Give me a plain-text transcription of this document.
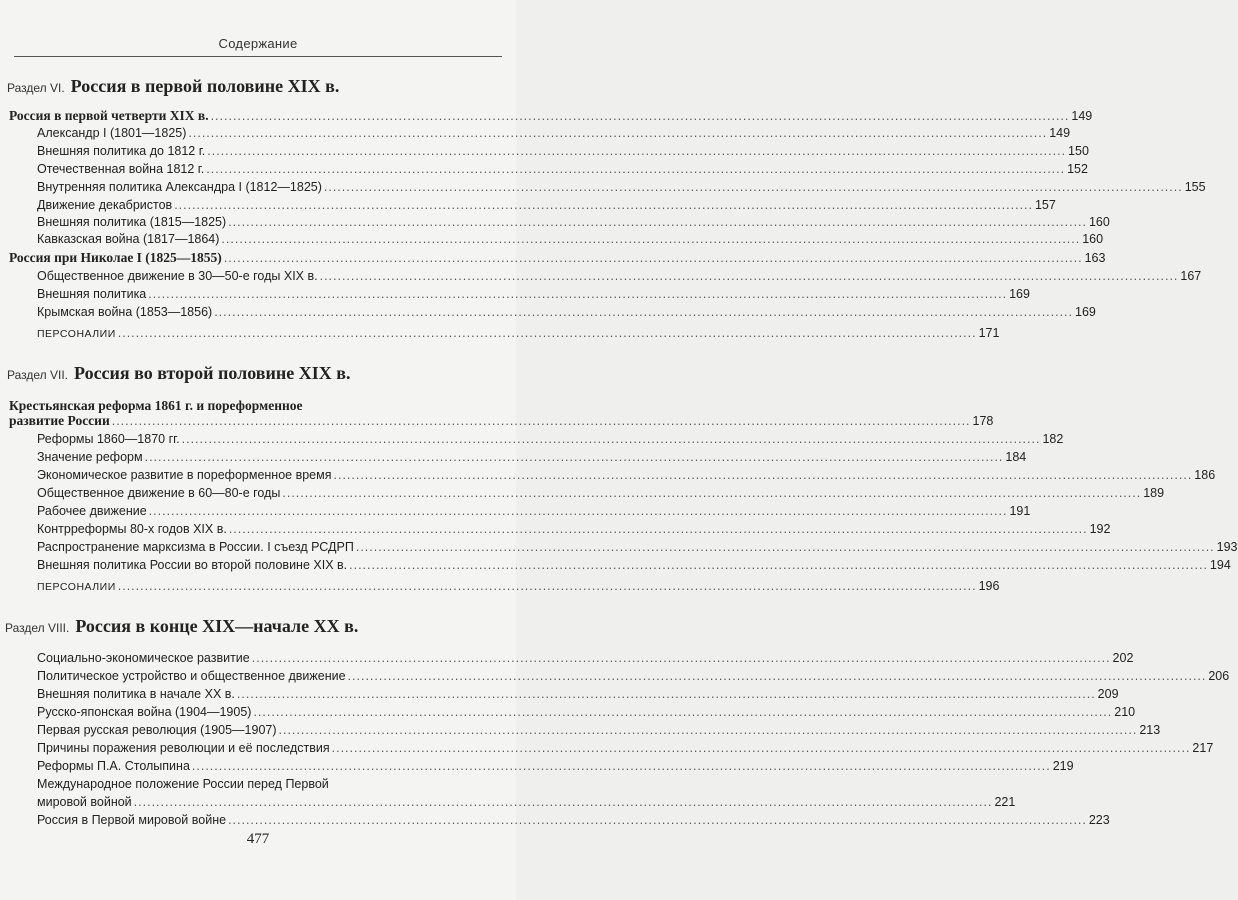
Содержание
Раздел VI. Россия в первой половине XIX в.
Россия в первой четверти XIX в. ................................................................................................................................................................................................ 149
Александр I (1801—1825) ................................................................................................................................................................................................ 149
Внешняя политика до 1812 г. ................................................................................................................................................................................................ 150
Отечественная война 1812 г. ................................................................................................................................................................................................ 152
Внутренняя политика Александра I (1812—1825) ................................................................................................................................................................................................ 155
Движение декабристов ................................................................................................................................................................................................ 157
Внешняя политика (1815—1825) ................................................................................................................................................................................................ 160
Кавказская война (1817—1864) ................................................................................................................................................................................................ 160
Россия при Николае I (1825—1855) ................................................................................................................................................................................................ 163
Общественное движение в 30—50-е годы XIX в. ................................................................................................................................................................................................ 167
Внешняя политика ................................................................................................................................................................................................ 169
Крымская война (1853—1856) ................................................................................................................................................................................................ 169
ПЕРСОНАЛИИ ................................................................................................................................................................................................ 171
Раздел VII. Россия во второй половине XIX в.
Крестьянская реформа 1861 г. и пореформенное
развитие России ................................................................................................................................................................................................ 178
Реформы 1860—1870 гг. ................................................................................................................................................................................................ 182
Значение реформ ................................................................................................................................................................................................ 184
Экономическое развитие в пореформенное время ................................................................................................................................................................................................ 186
Общественное движение в 60—80-е годы ................................................................................................................................................................................................ 189
Рабочее движение ................................................................................................................................................................................................ 191
Контрреформы 80-х годов XIX в. ................................................................................................................................................................................................ 192
Распространение марксизма в России. I съезд РСДРП ................................................................................................................................................................................................ 193
Внешняя политика России во второй половине XIX в. ................................................................................................................................................................................................ 194
ПЕРСОНАЛИИ ................................................................................................................................................................................................ 196
Раздел VIII. Россия в конце XIX—начале XX в.
Социально-экономическое развитие ................................................................................................................................................................................................ 202
Политическое устройство и общественное движение ................................................................................................................................................................................................ 206
Внешняя политика в начале XX в. ................................................................................................................................................................................................ 209
Русско-японская война (1904—1905) ................................................................................................................................................................................................ 210
Первая русская революция (1905—1907) ................................................................................................................................................................................................ 213
Причины поражения революции и её последствия ................................................................................................................................................................................................ 217
Реформы П.А. Столыпина ................................................................................................................................................................................................ 219
Международное положение России перед Первой
мировой войной ................................................................................................................................................................................................ 221
Россия в Первой мировой войне ................................................................................................................................................................................................ 223
477
